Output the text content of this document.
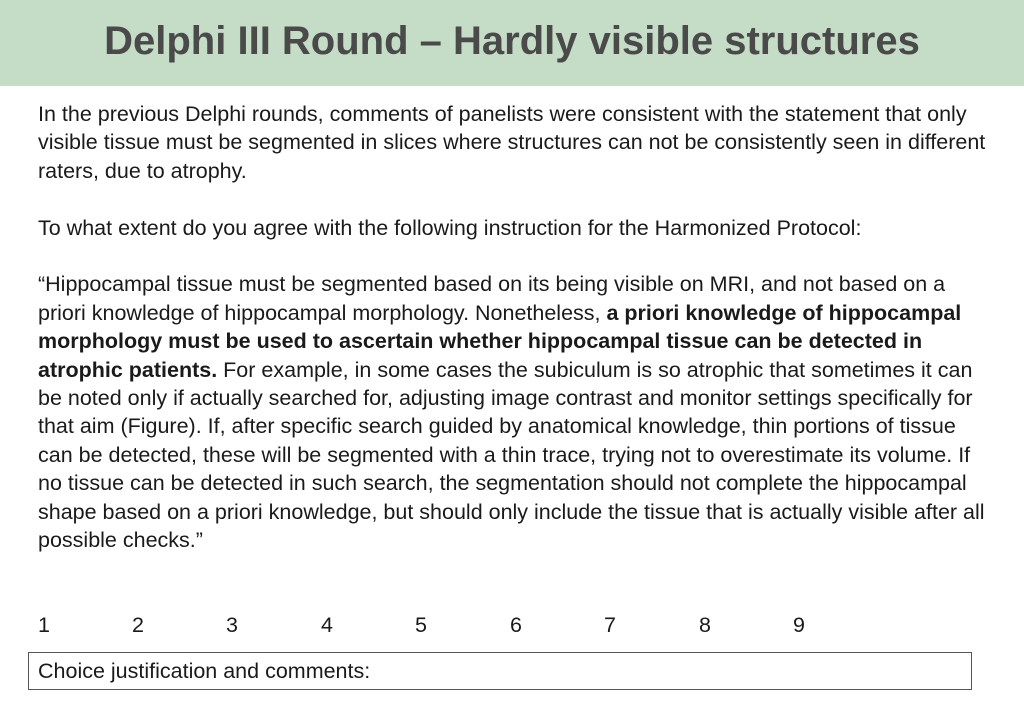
Delphi III Round – Hardly visible structures

In the previous Delphi rounds, comments of panelists were consistent with the statement that only visible tissue must be segmented in slices where structures can not be consistently seen in different raters, due to atrophy.

To what extent do you agree with the following instruction for the Harmonized Protocol:

“Hippocampal tissue must be segmented based on its being visible on MRI, and not based on a priori knowledge of hippocampal morphology. Nonetheless, a priori knowledge of hippocampal morphology must be used to ascertain whether hippocampal tissue can be detected in atrophic patients. For example, in some cases the subiculum is so atrophic that sometimes it can be noted only if actually searched for, adjusting image contrast and monitor settings specifically for that aim (Figure). If, after specific search guided by anatomical knowledge, thin portions of tissue can be detected, these will be segmented with a thin trace, trying not to overestimate its volume. If no tissue can be detected in such search, the segmentation should not complete the hippocampal shape based on a priori knowledge, but should only include the tissue that is actually visible after all possible checks.”

1	2	3	4	5	6	7	8	9
Choice justification and comments:
